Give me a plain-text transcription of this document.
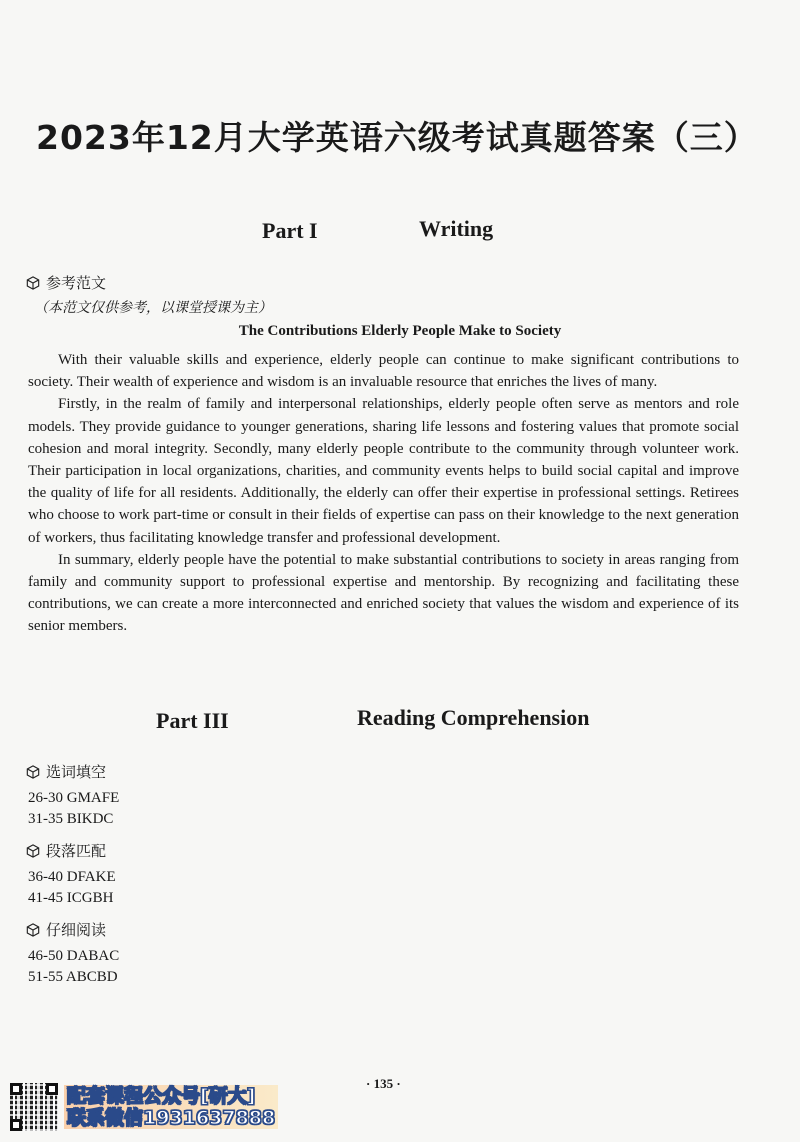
2023年12月大学英语六级考试真题答案（三）
Part I	Writing
参考范文
（本范文仅供参考，以课堂授课为主）
The Contributions Elderly People Make to Society

With their valuable skills and experience, elderly people can continue to make significant contributions to society. Their wealth of experience and wisdom is an invaluable resource that enriches the lives of many.

Firstly, in the realm of family and interpersonal relationships, elderly people often serve as mentors and role models. They provide guidance to younger generations, sharing life lessons and fostering values that promote social cohesion and moral integrity. Secondly, many elderly people contribute to the community through volunteer work. Their participation in local organizations, charities, and community events helps to build social capital and improve the quality of life for all residents. Additionally, the elderly can offer their expertise in professional settings. Retirees who choose to work part-time or consult in their fields of expertise can pass on their knowledge to the next generation of workers, thus facilitating knowledge transfer and professional development.

In summary, elderly people have the potential to make substantial contributions to society in areas ranging from family and community support to professional expertise and mentorship. By recognizing and facilitating these contributions, we can create a more interconnected and enriched society that values the wisdom and experience of its senior members.

Part III	Reading Comprehension
选词填空
26-30 GMAFE
31-35 BIKDC
段落匹配
36-40 DFAKE
41-45 ICGBH
仔细阅读
46-50 DABAC
51-55 ABCBD
· 135 ·
配套课程公众号[研大]
联系微信1931637888
